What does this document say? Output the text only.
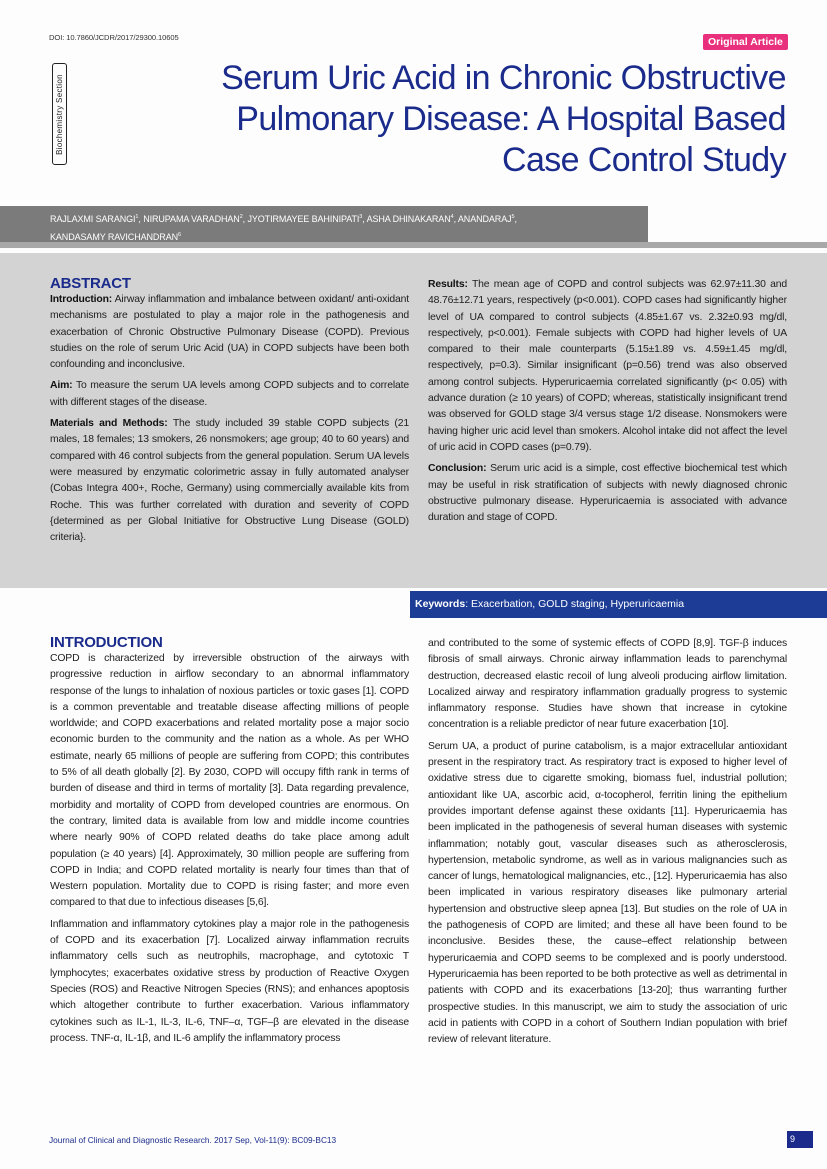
DOI: 10.7860/JCDR/2017/29300.10605	Original Article
Biochemistry Section	Serum Uric Acid in Chronic Obstructive Pulmonary Disease: A Hospital Based Case Control Study
RAJLAXMI SARANGI$^1$, NIRUPAMA VARADHAN$^2$, JYOTIRMAYEE BAHINIPATI$^3$, ASHA DHINAKARAN$^4$, ANANDARAJ$^5$,
KANDASAMY RAVICHANDRAN$^6$
ABSTRACT

Introduction: Airway inflammation and imbalance between oxidant/ anti-oxidant mechanisms are postulated to play a major role in the pathogenesis and exacerbation of Chronic Obstructive Pulmonary Disease (COPD). Previous studies on the role of serum Uric Acid (UA) in COPD subjects have been both confounding and inconclusive.

Aim: To measure the serum UA levels among COPD subjects and to correlate with different stages of the disease.

Materials and Methods: The study included 39 stable COPD subjects (21 males, 18 females; 13 smokers, 26 nonsmokers; age group; 40 to 60 years) and compared with 46 control subjects from the general population. Serum UA levels were measured by enzymatic colorimetric assay in fully automated analyser (Cobas Integra 400+, Roche, Germany) using commercially available kits from Roche. This was further correlated with duration and severity of COPD {determined as per Global Initiative for Obstructive Lung Disease (GOLD) criteria}.

Results: The mean age of COPD and control subjects was 62.97±11.30 and 48.76±12.71 years, respectively (p<0.001). COPD cases had significantly higher level of UA compared to control subjects (4.85±1.67 vs. 2.32±0.93 mg/dl, respectively, p<0.001). Female subjects with COPD had higher levels of UA compared to their male counterparts (5.15±1.89 vs. 4.59±1.45 mg/dl, respectively, p=0.3). Similar insignificant (p=0.56) trend was also observed among control subjects. Hyperuricaemia correlated significantly (p< 0.05) with advance duration (≥ 10 years) of COPD; whereas, statistically insignificant trend was observed for GOLD stage 3/4 versus stage 1/2 disease. Nonsmokers were having higher uric acid level than smokers. Alcohol intake did not affect the level of uric acid in COPD cases (p=0.79).

Conclusion: Serum uric acid is a simple, cost effective biochemical test which may be useful in risk stratification of subjects with newly diagnosed chronic obstructive pulmonary disease. Hyperuricaemia is associated with advance duration and stage of COPD.

Keywords: Exacerbation, GOLD staging, Hyperuricaemia
INTRODUCTION

COPD is characterized by irreversible obstruction of the airways with progressive reduction in airflow secondary to an abnormal inflammatory response of the lungs to inhalation of noxious particles or toxic gases [1]. COPD is a common preventable and treatable disease affecting millions of people worldwide; and COPD exacerbations and related mortality pose a major socio economic burden to the community and the nation as a whole. As per WHO estimate, nearly 65 millions of people are suffering from COPD; this contributes to 5% of all death globally [2]. By 2030, COPD will occupy fifth rank in terms of burden of disease and third in terms of mortality [3]. Data regarding prevalence, morbidity and mortality of COPD from developed countries are enormous. On the contrary, limited data is available from low and middle income countries where nearly 90% of COPD related deaths do take place among adult population (≥ 40 years) [4]. Approximately, 30 million people are suffering from COPD in India; and COPD related mortality is nearly four times than that of Western population. Mortality due to COPD is rising faster; and more even compared to that due to infectious diseases [5,6].

Inflammation and inflammatory cytokines play a major role in the pathogenesis of COPD and its exacerbation [7]. Localized airway inflammation recruits inflammatory cells such as neutrophils, macrophage, and cytotoxic T lymphocytes; exacerbates oxidative stress by production of Reactive Oxygen Species (ROS) and Reactive Nitrogen Species (RNS); and enhances apoptosis which altogether contribute to further exacerbation. Various inflammatory cytokines such as IL-1, IL-3, IL-6, TNF–α, TGF–β are elevated in the disease process. TNF-α, IL-1β, and IL-6 amplify the inflammatory process

and contributed to the some of systemic effects of COPD [8,9]. TGF-β induces fibrosis of small airways. Chronic airway inflammation leads to parenchymal destruction, decreased elastic recoil of lung alveoli producing airflow limitation. Localized airway and respiratory inflammation gradually progress to systemic inflammatory response. Studies have shown that increase in cytokine concentration is a reliable predictor of near future exacerbation [10].

Serum UA, a product of purine catabolism, is a major extracellular antioxidant present in the respiratory tract. As respiratory tract is exposed to higher level of oxidative stress due to cigarette smoking, biomass fuel, industrial pollution; antioxidant like UA, ascorbic acid, α-tocopherol, ferritin lining the epithelium provides important defense against these oxidants [11]. Hyperuricaemia has been implicated in the pathogenesis of several human diseases with systemic inflammation; notably gout, vascular diseases such as atherosclerosis, hypertension, metabolic syndrome, as well as in various malignancies such as cancer of lungs, hematological malignancies, etc., [12]. Hyperuricaemia has also been implicated in various respiratory diseases like pulmonary arterial hypertension and obstructive sleep apnea [13]. But studies on the role of UA in the pathogenesis of COPD are limited; and these all have been found to be inconclusive. Besides these, the cause–effect relationship between hyperuricaemia and COPD seems to be complexed and is poorly understood. Hyperuricaemia has been reported to be both protective as well as detrimental in patients with COPD and its exacerbations [13-20]; thus warranting further prospective studies. In this manuscript, we aim to study the association of uric acid in patients with COPD in a cohort of Southern Indian population with brief review of relevant literature.

Journal of Clinical and Diagnostic Research. 2017 Sep, Vol-11(9): BC09-BC13	9
